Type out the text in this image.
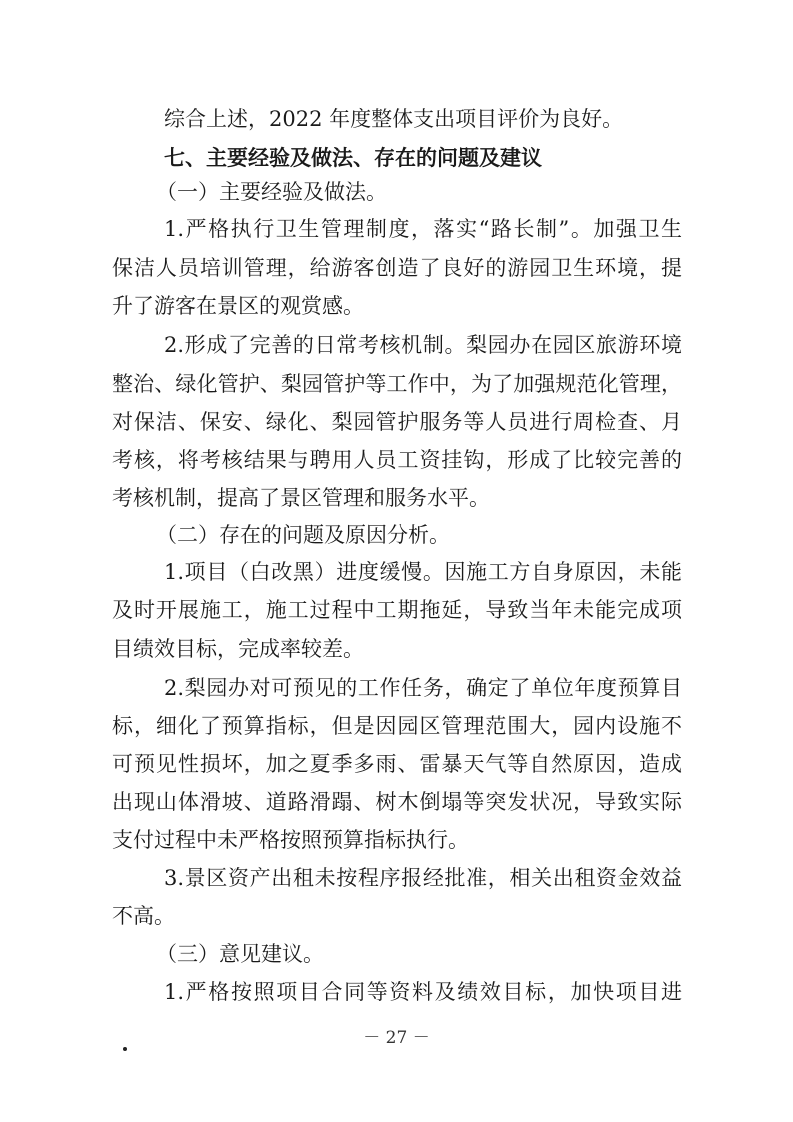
综合上述，2022 年度整体支出项目评价为良好。
七、主要经验及做法、存在的问题及建议
（一）主要经验及做法。
1.严格执行卫生管理制度，落实“路长制”。加强卫生
保洁人员培训管理，给游客创造了良好的游园卫生环境，提
升了游客在景区的观赏感。
2.形成了完善的日常考核机制。梨园办在园区旅游环境
整治、绿化管护、梨园管护等工作中，为了加强规范化管理，
对保洁、保安、绿化、梨园管护服务等人员进行周检查、月
考核，将考核结果与聘用人员工资挂钩，形成了比较完善的
考核机制，提高了景区管理和服务水平。
（二）存在的问题及原因分析。
1.项目（白改黑）进度缓慢。因施工方自身原因，未能
及时开展施工，施工过程中工期拖延，导致当年未能完成项
目绩效目标，完成率较差。
2.梨园办对可预见的工作任务，确定了单位年度预算目
标，细化了预算指标，但是因园区管理范围大，园内设施不
可预见性损坏，加之夏季多雨、雷暴天气等自然原因，造成
出现山体滑坡、道路滑蹋、树木倒塌等突发状况，导致实际
支付过程中未严格按照预算指标执行。
3.景区资产出租未按程序报经批准，相关出租资金效益
不高。
（三）意见建议。
1.严格按照项目合同等资料及绩效目标，加快项目进
－ 27 －
